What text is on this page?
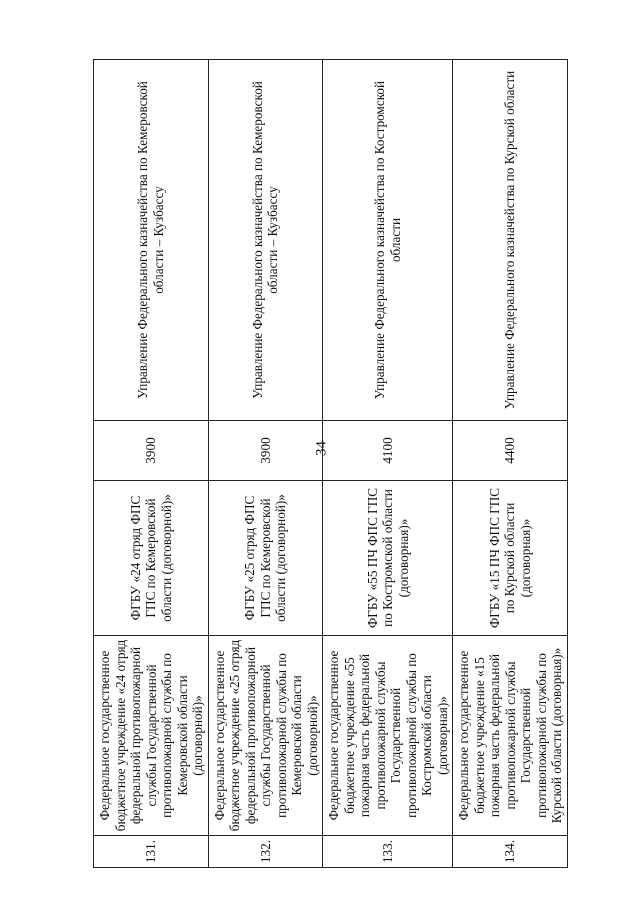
34
131.	Федеральное государственное бюджетное учреждение «24 отряд федеральной противопожарной службы Государственной противопожарной службы по Кемеровской области (договорной)»	ФГБУ «24 отряд ФПС ГПС по Кемеровской области (договорной)»	3900	Управление Федерального казначейства по Кемеровской области – Кузбассу
132.	Федеральное государственное бюджетное учреждение «25 отряд федеральной противопожарной службы Государственной противопожарной службы по Кемеровской области (договорной)»	ФГБУ «25 отряд ФПС ГПС по Кемеровской области (договорной)»	3900	Управление Федерального казначейства по Кемеровской области – Кузбассу
133.	Федеральное государственное бюджетное учреждение «55 пожарная часть федеральной противопожарной службы Государственной противопожарной службы по Костромской области (договорная)»	ФГБУ «55 ПЧ ФПС ГПС по Костромской области (договорная)»	4100	Управление Федерального казначейства по Костромской области
134.	Федеральное государственное бюджетное учреждение «15 пожарная часть федеральной противопожарной службы Государственной противопожарной службы по Курской области (договорная)»	ФГБУ «15 ПЧ ФПС ГПС по Курской области (договорная)»	4400	Управление Федерального казначейства по Курской области
